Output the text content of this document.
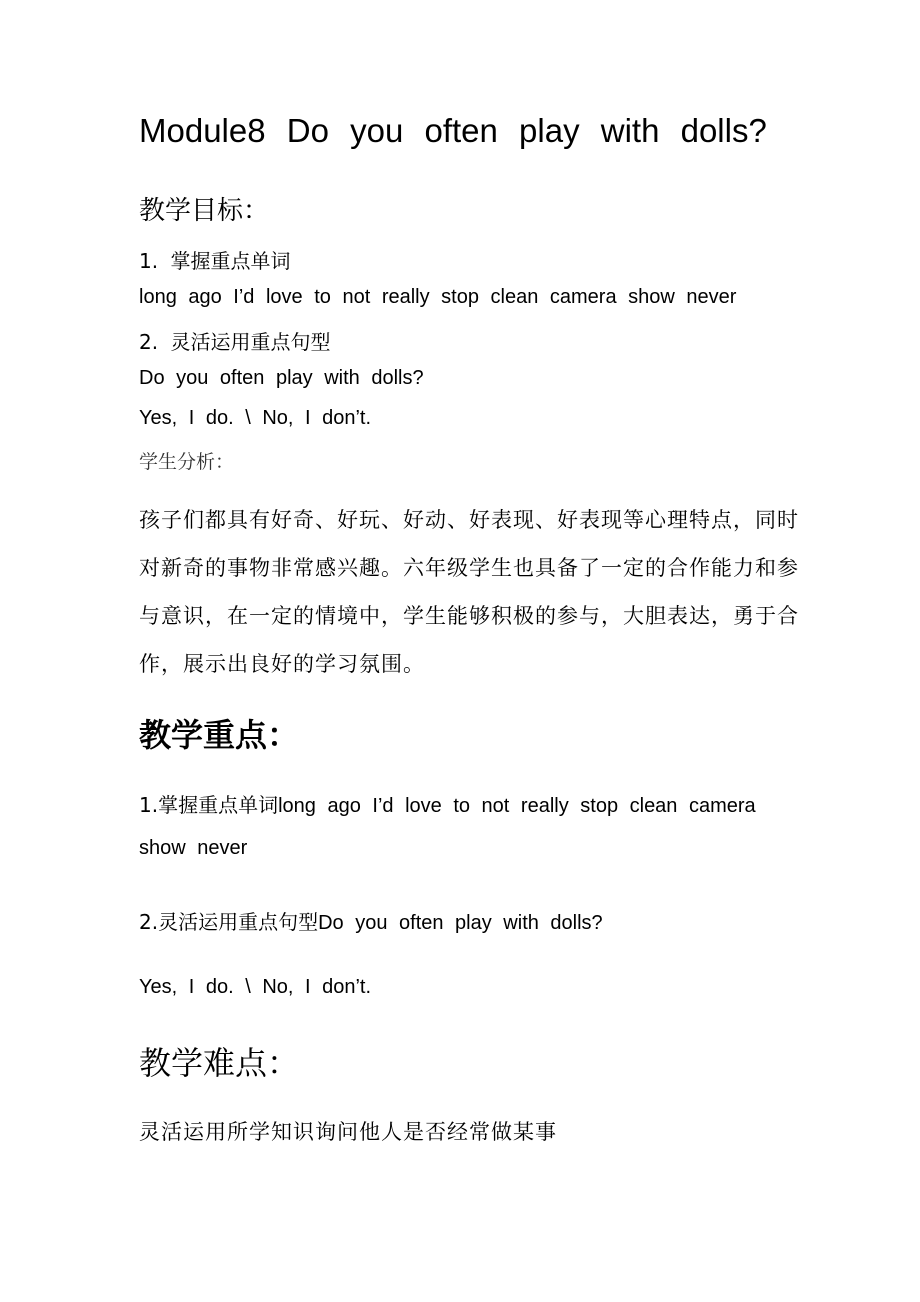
Module8 Do you often play with dolls?
教学目标：
1. 掌握重点单词
long ago I’d love to not really stop clean camera show never
2. 灵活运用重点句型
Do you often play with dolls?
Yes, I do. \ No, I don’t.
学生分析：
孩子们都具有好奇、好玩、好动、好表现、好表现等心理特点，同时
对新奇的事物非常感兴趣。六年级学生也具备了一定的合作能力和参
与意识，在一定的情境中，学生能够积极的参与，大胆表达，勇于合
作，展示出良好的学习氛围。
教学重点：
1.掌握重点单词long ago I’d love to not really stop clean camera
show never
2.灵活运用重点句型Do you often play with dolls?
Yes, I do. \ No, I don’t.
教学难点：
灵活运用所学知识询问他人是否经常做某事
